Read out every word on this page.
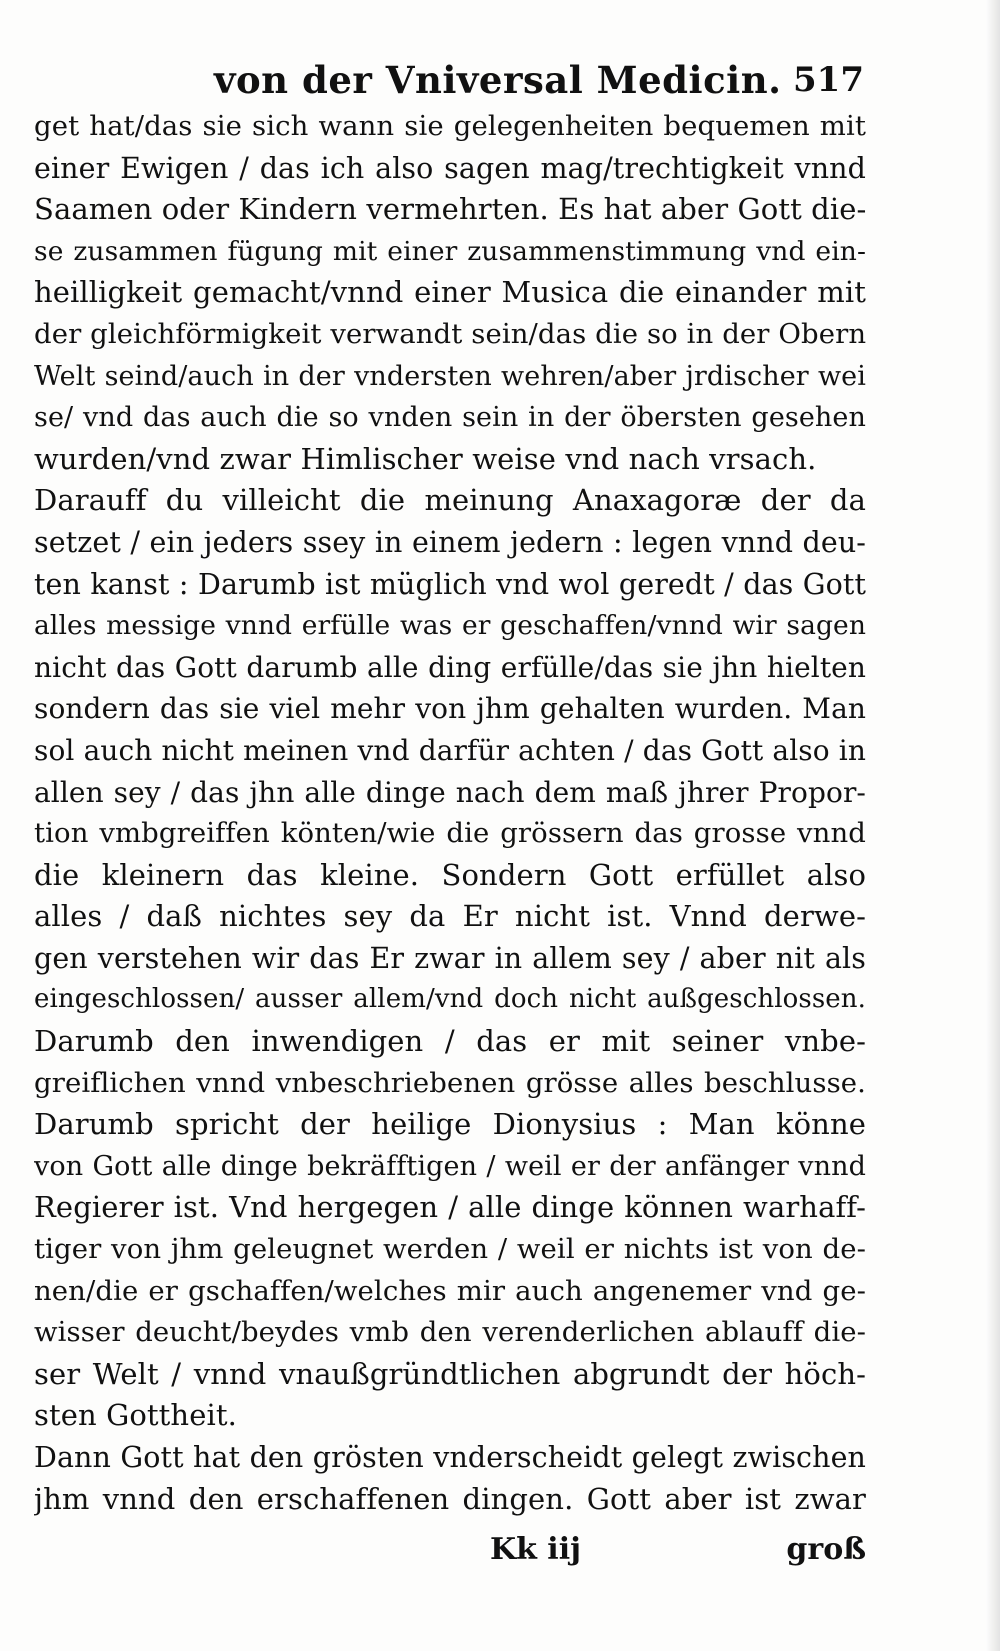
von der Vniversal Medicin. 517
get hat/das sie sich wann sie gelegenheiten bequemen mit
einer Ewigen / das ich also sagen mag/trechtigkeit vnnd
Saamen oder Kindern vermehrten. Es hat aber Gott die-
se zusammen fügung mit einer zusammenstimmung vnd ein-
heilligkeit gemacht/vnnd einer Musica die einander mit
der gleichförmigkeit verwandt sein/das die so in der Obern
Welt seind/auch in der vndersten wehren/aber jrdischer wei
se/ vnd das auch die so vnden sein in der öbersten gesehen
wurden/vnd zwar Himlischer weise vnd nach vrsach.
Darauff du villeicht die meinung Anaxagoræ der da
setzet / ein jeders ssey in einem jedern : legen vnnd deu-
ten kanst : Darumb ist müglich vnd wol geredt / das Gott
alles messige vnnd erfülle was er geschaffen/vnnd wir sagen
nicht das Gott darumb alle ding erfülle/das sie jhn hielten
sondern das sie viel mehr von jhm gehalten wurden. Man
sol auch nicht meinen vnd darfür achten / das Gott also in
allen sey / das jhn alle dinge nach dem maß jhrer Propor-
tion vmbgreiffen könten/wie die grössern das grosse vnnd
die kleinern das kleine. Sondern Gott erfüllet also
alles / daß nichtes sey da Er nicht ist. Vnnd derwe-
gen verstehen wir das Er zwar in allem sey / aber nit als
eingeschlossen/ ausser allem/vnd doch nicht außgeschlossen.
Darumb den inwendigen / das er mit seiner vnbe-
greiflichen vnnd vnbeschriebenen grösse alles beschlusse.
Darumb spricht der heilige Dionysius : Man könne
von Gott alle dinge bekräfftigen / weil er der anfänger vnnd
Regierer ist. Vnd hergegen / alle dinge können warhaff-
tiger von jhm geleugnet werden / weil er nichts ist von de-
nen/die er gschaffen/welches mir auch angenemer vnd ge-
wisser deucht/beydes vmb den verenderlichen ablauff die-
ser Welt / vnnd vnaußgründtlichen abgrundt der höch-
sten Gottheit.
Dann Gott hat den grösten vnderscheidt gelegt zwischen
jhm vnnd den erschaffenen dingen. Gott aber ist zwar
Kk iij	groß
